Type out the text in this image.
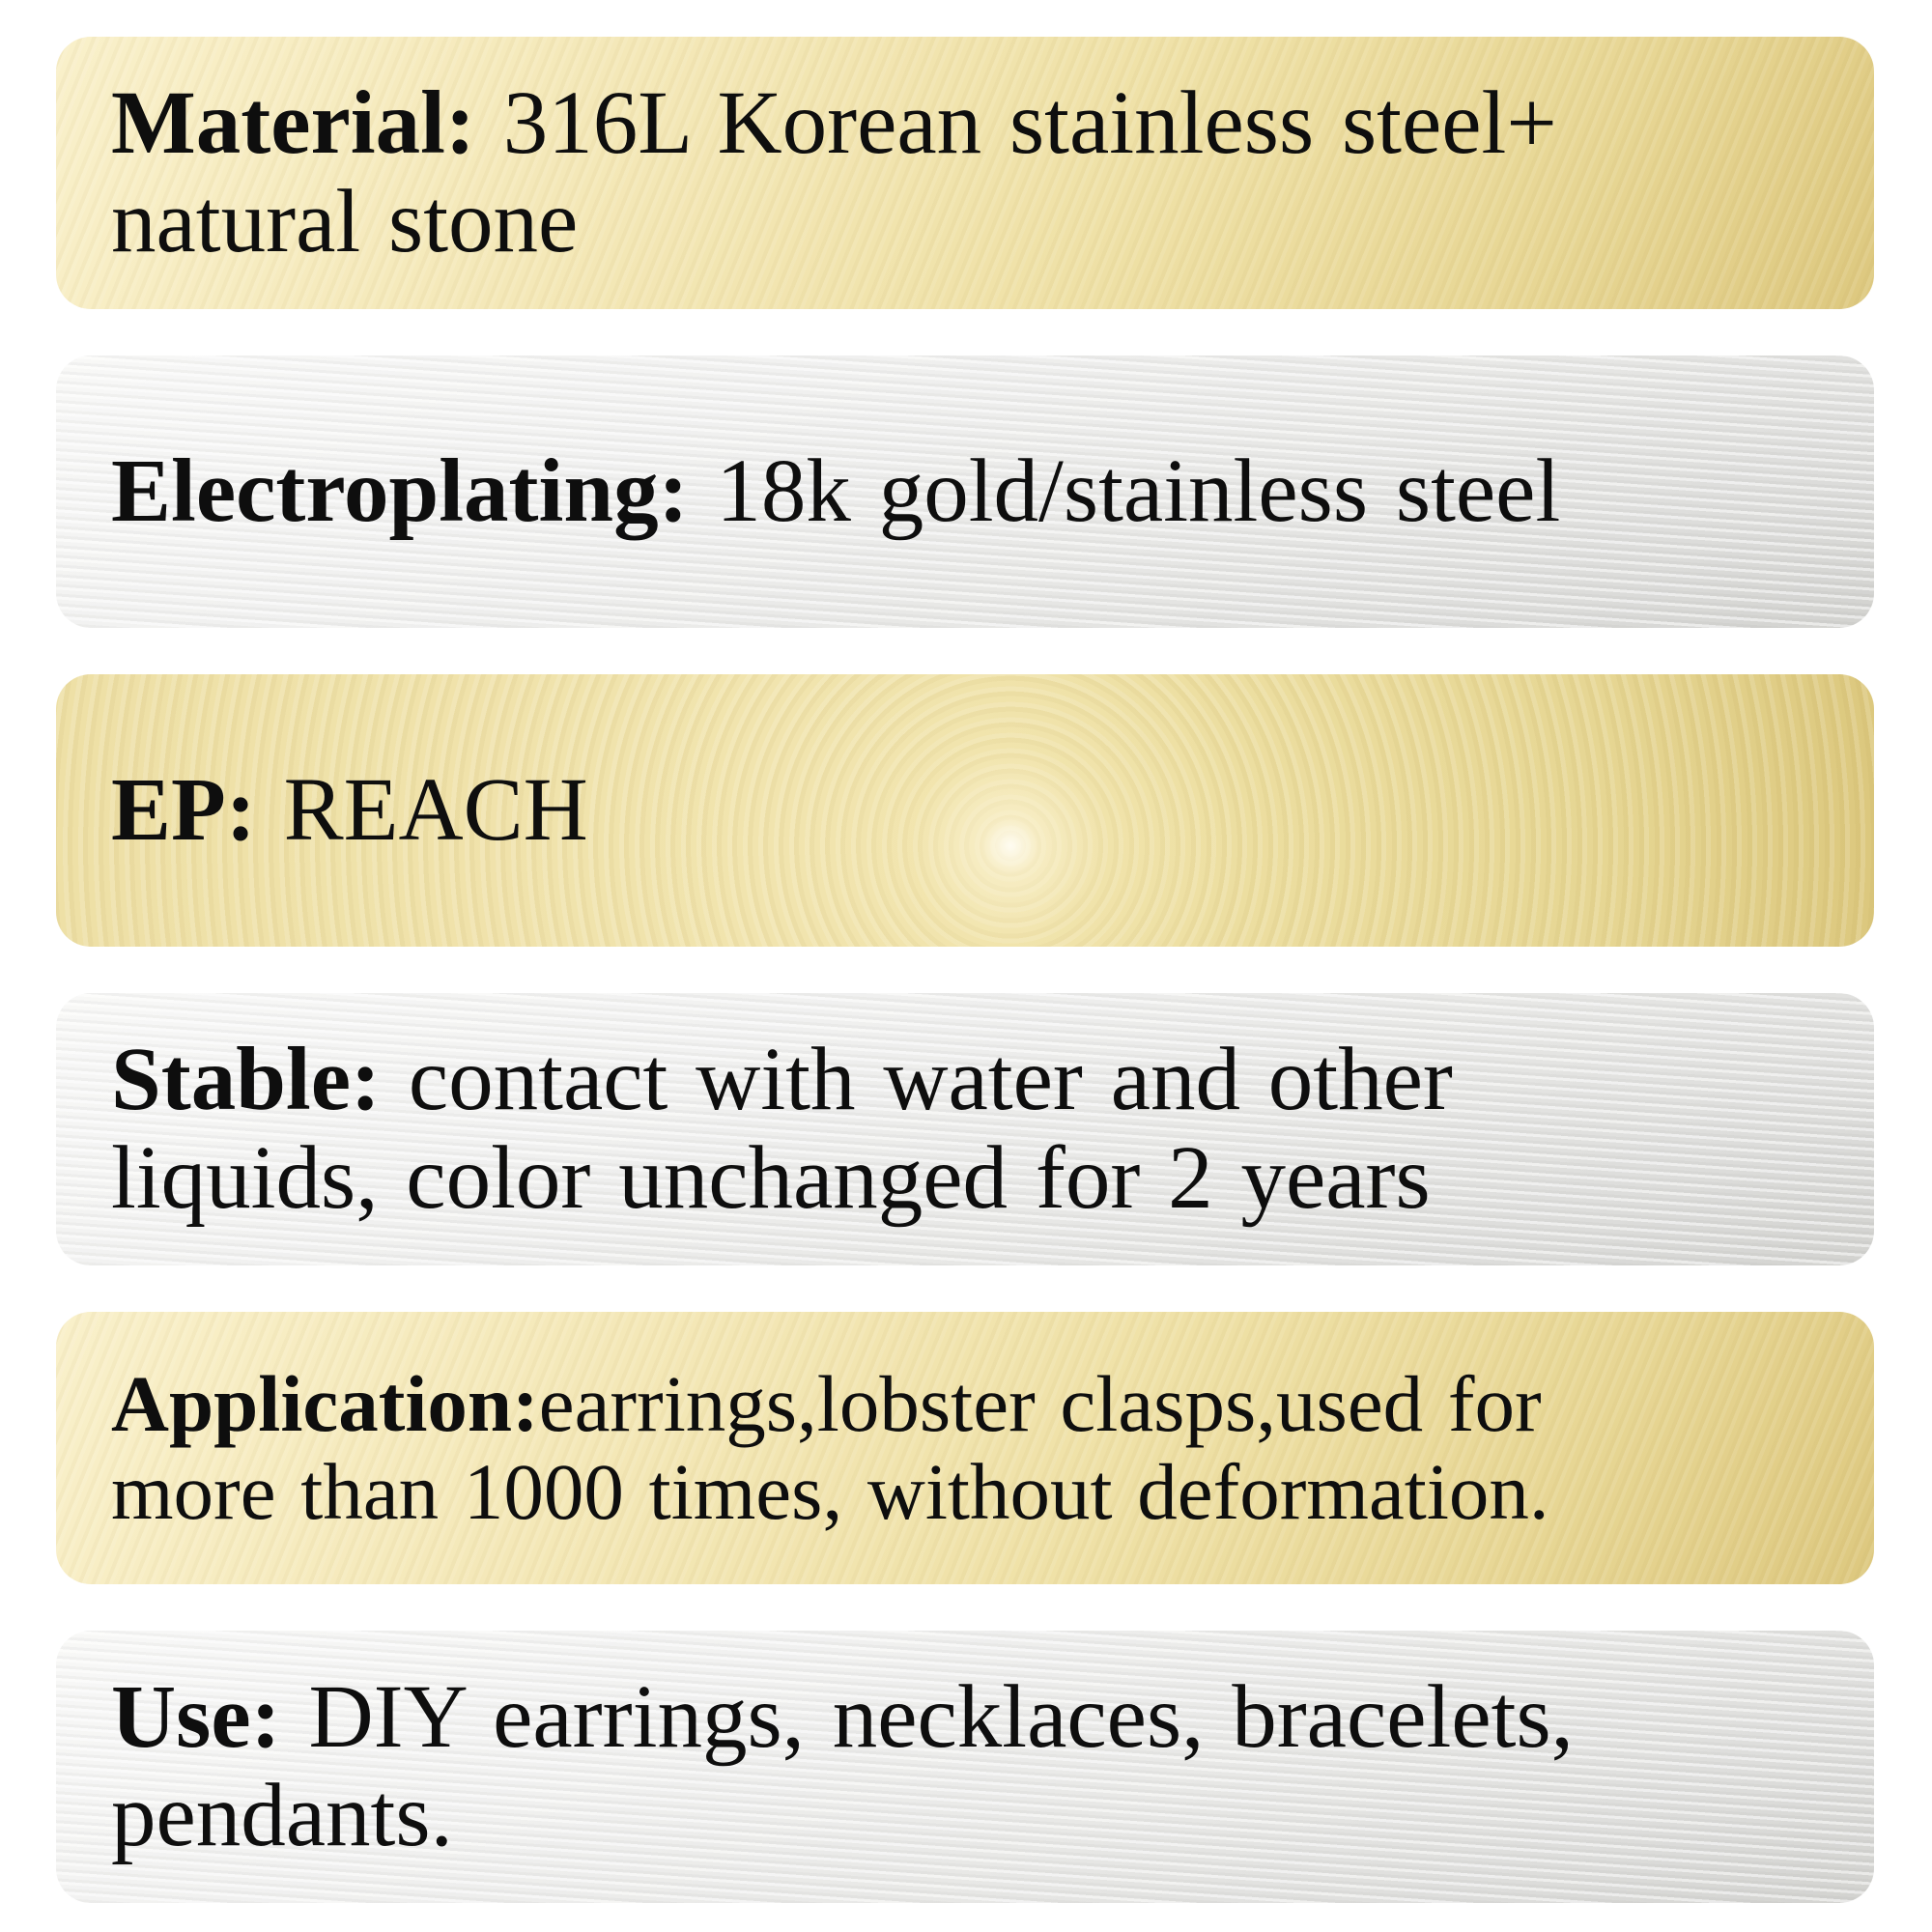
Material: 316L Korean stainless steel+
natural stone
Electroplating: 18k gold/stainless steel
EP: REACH
Stable: contact with water and other
liquids, color unchanged for 2 years
Application:earrings,lobster clasps,used for
more than 1000 times, without deformation.
Use: DIY earrings, necklaces, bracelets,
pendants.
